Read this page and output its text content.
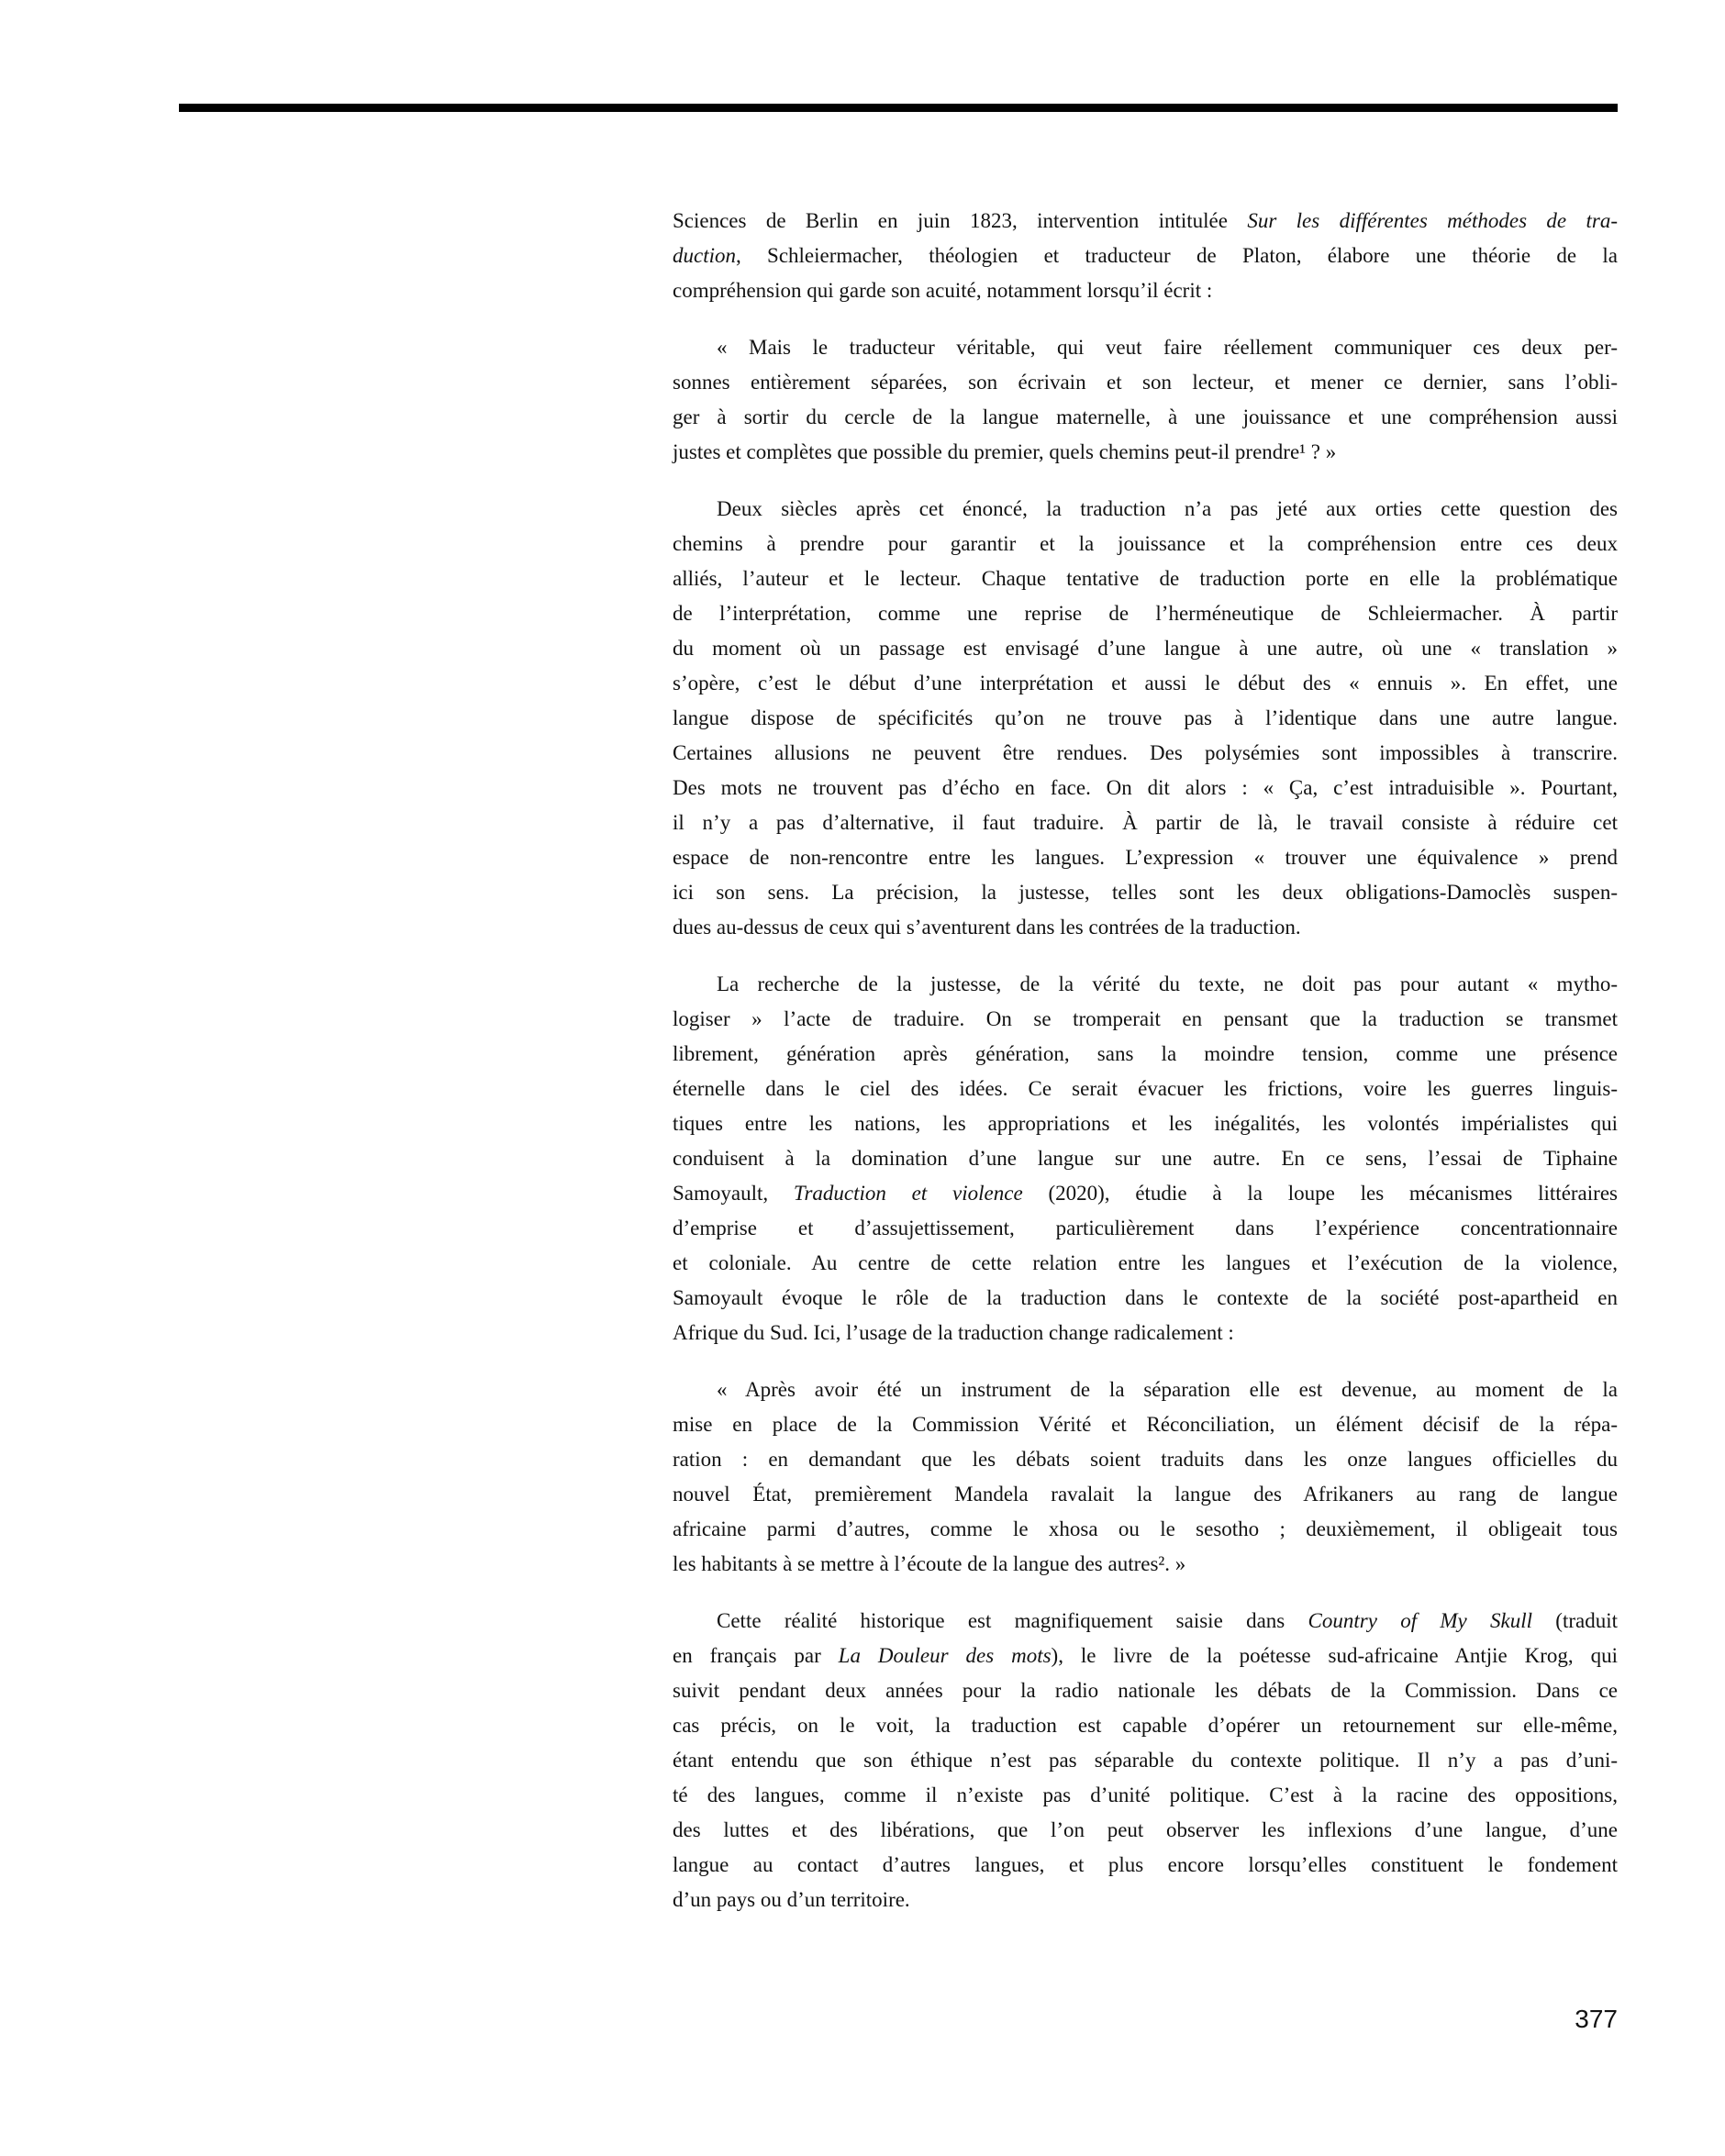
Sciences de Berlin en juin 1823, intervention intitulée Sur les différentes méthodes de tra-
duction, Schleiermacher, théologien et traducteur de Platon, élabore une théorie de la
compréhension qui garde son acuité, notamment lorsqu’il écrit :
« Mais le traducteur véritable, qui veut faire réellement communiquer ces deux per-
sonnes entièrement séparées, son écrivain et son lecteur, et mener ce dernier, sans l’obli-
ger à sortir du cercle de la langue maternelle, à une jouissance et une compréhension aussi
justes et complètes que possible du premier, quels chemins peut-il prendre¹ ? »
Deux siècles après cet énoncé, la traduction n’a pas jeté aux orties cette question des
chemins à prendre pour garantir et la jouissance et la compréhension entre ces deux
alliés, l’auteur et le lecteur. Chaque tentative de traduction porte en elle la problématique
de l’interprétation, comme une reprise de l’herméneutique de Schleiermacher. À partir
du moment où un passage est envisagé d’une langue à une autre, où une « translation »
s’opère, c’est le début d’une interprétation et aussi le début des « ennuis ». En effet, une
langue dispose de spécificités qu’on ne trouve pas à l’identique dans une autre langue.
Certaines allusions ne peuvent être rendues. Des polysémies sont impossibles à transcrire.
Des mots ne trouvent pas d’écho en face. On dit alors : « Ça, c’est intraduisible ». Pourtant,
il n’y a pas d’alternative, il faut traduire. À partir de là, le travail consiste à réduire cet
espace de non-rencontre entre les langues. L’expression « trouver une équivalence » prend
ici son sens. La précision, la justesse, telles sont les deux obligations-Damoclès suspen-
dues au-dessus de ceux qui s’aventurent dans les contrées de la traduction.
La recherche de la justesse, de la vérité du texte, ne doit pas pour autant « mytho-
logiser » l’acte de traduire. On se tromperait en pensant que la traduction se transmet
librement, génération après génération, sans la moindre tension, comme une présence
éternelle dans le ciel des idées. Ce serait évacuer les frictions, voire les guerres linguis-
tiques entre les nations, les appropriations et les inégalités, les volontés impérialistes qui
conduisent à la domination d’une langue sur une autre. En ce sens, l’essai de Tiphaine
Samoyault, Traduction et violence (2020), étudie à la loupe les mécanismes littéraires
d’emprise et d’assujettissement, particulièrement dans l’expérience concentrationnaire
et coloniale. Au centre de cette relation entre les langues et l’exécution de la violence,
Samoyault évoque le rôle de la traduction dans le contexte de la société post-apartheid en
Afrique du Sud. Ici, l’usage de la traduction change radicalement :
« Après avoir été un instrument de la séparation elle est devenue, au moment de la
mise en place de la Commission Vérité et Réconciliation, un élément décisif de la répa-
ration : en demandant que les débats soient traduits dans les onze langues officielles du
nouvel État, premièrement Mandela ravalait la langue des Afrikaners au rang de langue
africaine parmi d’autres, comme le xhosa ou le sesotho ; deuxièmement, il obligeait tous
les habitants à se mettre à l’écoute de la langue des autres². »
Cette réalité historique est magnifiquement saisie dans Country of My Skull (traduit
en français par La Douleur des mots), le livre de la poétesse sud-africaine Antjie Krog, qui
suivit pendant deux années pour la radio nationale les débats de la Commission. Dans ce
cas précis, on le voit, la traduction est capable d’opérer un retournement sur elle-même,
étant entendu que son éthique n’est pas séparable du contexte politique. Il n’y a pas d’uni-
té des langues, comme il n’existe pas d’unité politique. C’est à la racine des oppositions,
des luttes et des libérations, que l’on peut observer les inflexions d’une langue, d’une
langue au contact d’autres langues, et plus encore lorsqu’elles constituent le fondement
d’un pays ou d’un territoire.
377
